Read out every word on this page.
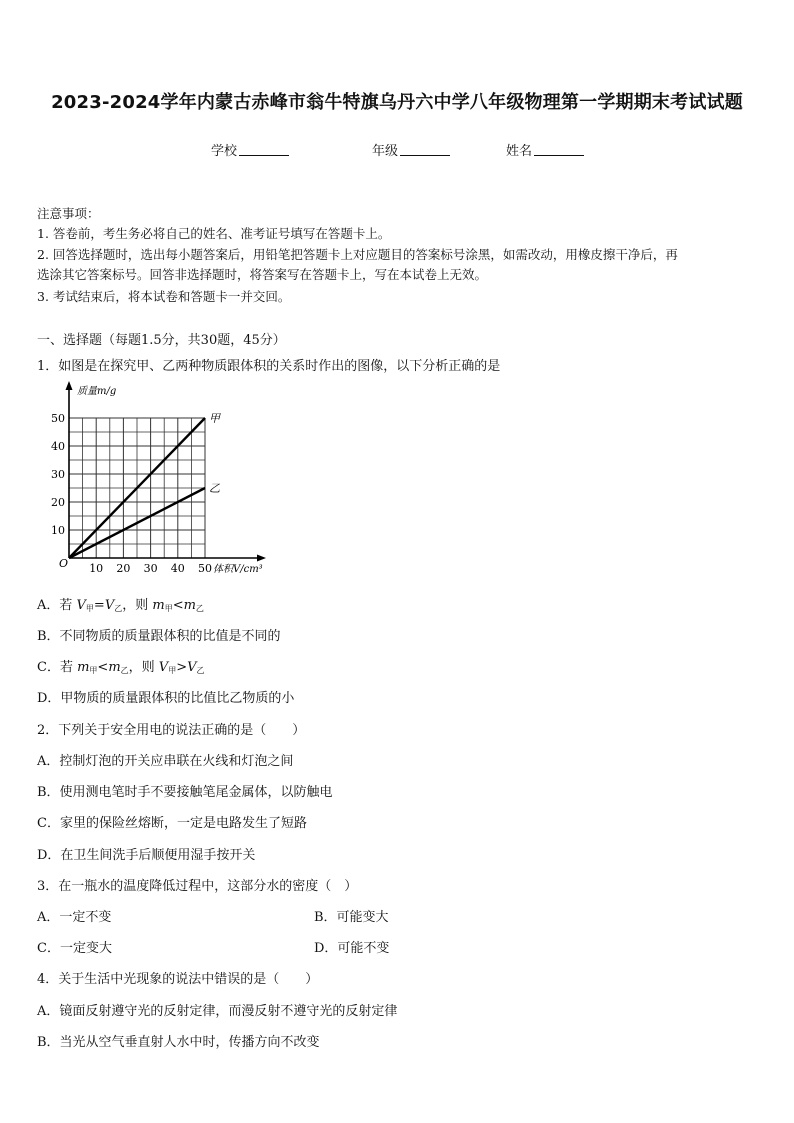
2023-2024学年内蒙古赤峰市翁牛特旗乌丹六中学八年级物理第一学期期末考试试题
学校	年级	姓名
注意事项：
1. 答卷前，考生务必将自己的姓名、准考证号填写在答题卡上。
2. 回答选择题时，选出每小题答案后，用铅笔把答题卡上对应题目的答案标号涂黑，如需改动，用橡皮擦干净后，再
选涂其它答案标号。回答非选择题时，将答案写在答题卡上，写在本试卷上无效。
3. 考试结束后，将本试卷和答题卡一并交回。
一、选择题（每题1.5分，共30题，45分）
1．如图是在探究甲、乙两种物质跟体积的关系时作出的图像，以下分析正确的是
甲
乙
10
20
30
40
50
10 20 30 40 50
O
质量m/g
体积V/cm³
A．若 $V_甲=V_乙$，则 $m_甲<m_乙$
B．不同物质的质量跟体积的比值是不同的
C．若 $m_甲<m_乙$，则 $V_甲>V_乙$
D．甲物质的质量跟体积的比值比乙物质的小
2．下列关于安全用电的说法正确的是（　　）
A．控制灯泡的开关应串联在火线和灯泡之间
B．使用测电笔时手不要接触笔尾金属体，以防触电
C．家里的保险丝熔断，一定是电路发生了短路
D．在卫生间洗手后顺便用湿手按开关
3．在一瓶水的温度降低过程中，这部分水的密度（　）
A．一定不变	B．可能变大
C．一定变大	D．可能不变
4．关于生活中光现象的说法中错误的是（　　）
A．镜面反射遵守光的反射定律，而漫反射不遵守光的反射定律
B．当光从空气垂直射人水中时，传播方向不改变
